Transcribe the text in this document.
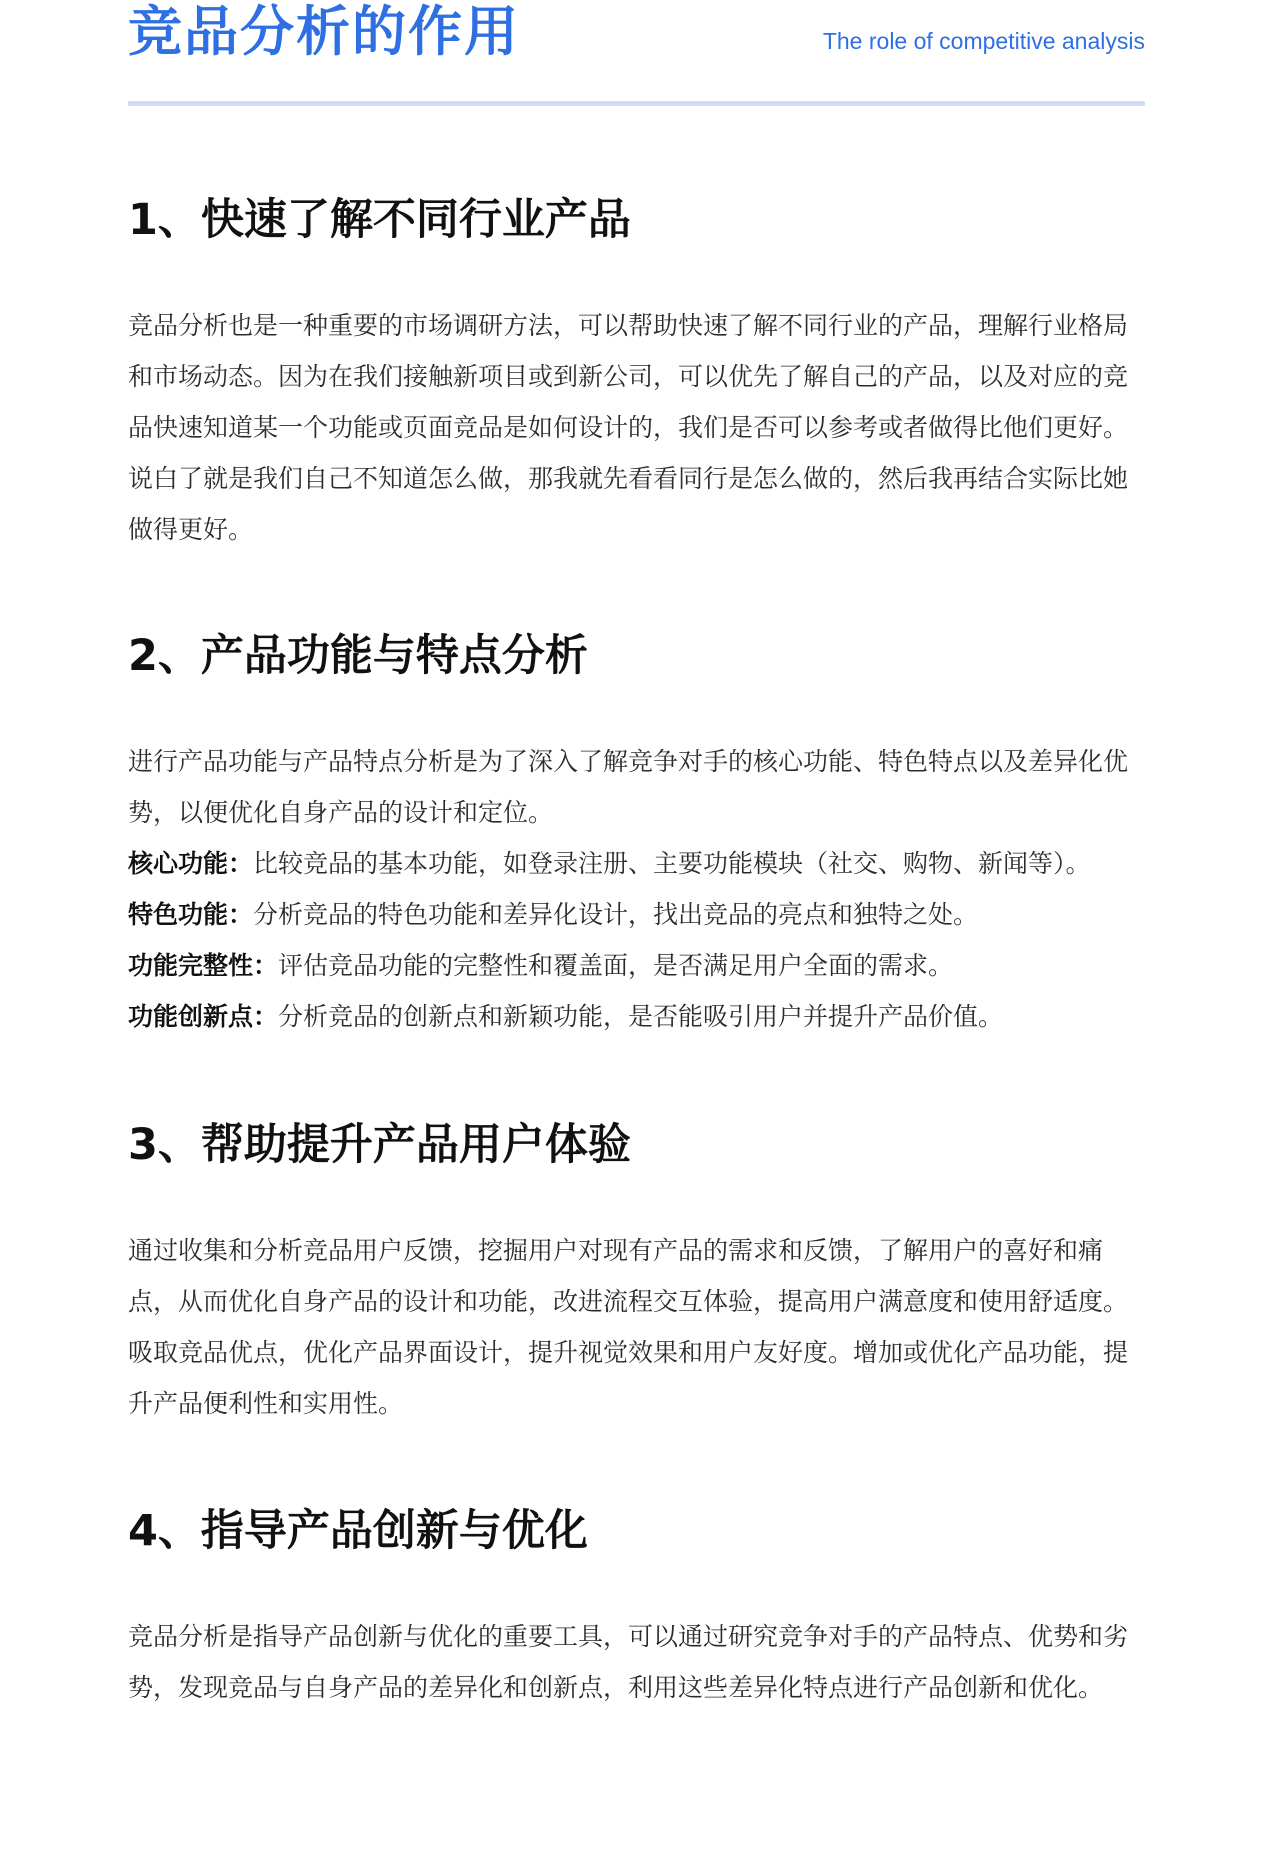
竞品分析的作用	The role of competitive analysis
1、快速了解不同行业产品

竞品分析也是一种重要的市场调研方法，可以帮助快速了解不同行业的产品，理解行业格局和市场动态。因为在我们接触新项目或到新公司，可以优先了解自己的产品，以及对应的竞品快速知道某一个功能或页面竞品是如何设计的，我们是否可以参考或者做得比他们更好。说白了就是我们自己不知道怎么做，那我就先看看同行是怎么做的，然后我再结合实际比她做得更好。

2、产品功能与特点分析

进行产品功能与产品特点分析是为了深入了解竞争对手的核心功能、特色特点以及差异化优势，以便优化自身产品的设计和定位。

核心功能：比较竞品的基本功能，如登录注册、主要功能模块（社交、购物、新闻等）。

特色功能：分析竞品的特色功能和差异化设计，找出竞品的亮点和独特之处。

功能完整性：评估竞品功能的完整性和覆盖面，是否满足用户全面的需求。

功能创新点：分析竞品的创新点和新颖功能，是否能吸引用户并提升产品价值。

3、帮助提升产品用户体验

通过收集和分析竞品用户反馈，挖掘用户对现有产品的需求和反馈，了解用户的喜好和痛点，从而优化自身产品的设计和功能，改进流程交互体验，提高用户满意度和使用舒适度。吸取竞品优点，优化产品界面设计，提升视觉效果和用户友好度。增加或优化产品功能，提升产品便利性和实用性。

4、指导产品创新与优化

竞品分析是指导产品创新与优化的重要工具，可以通过研究竞争对手的产品特点、优势和劣势，发现竞品与自身产品的差异化和创新点，利用这些差异化特点进行产品创新和优化。
